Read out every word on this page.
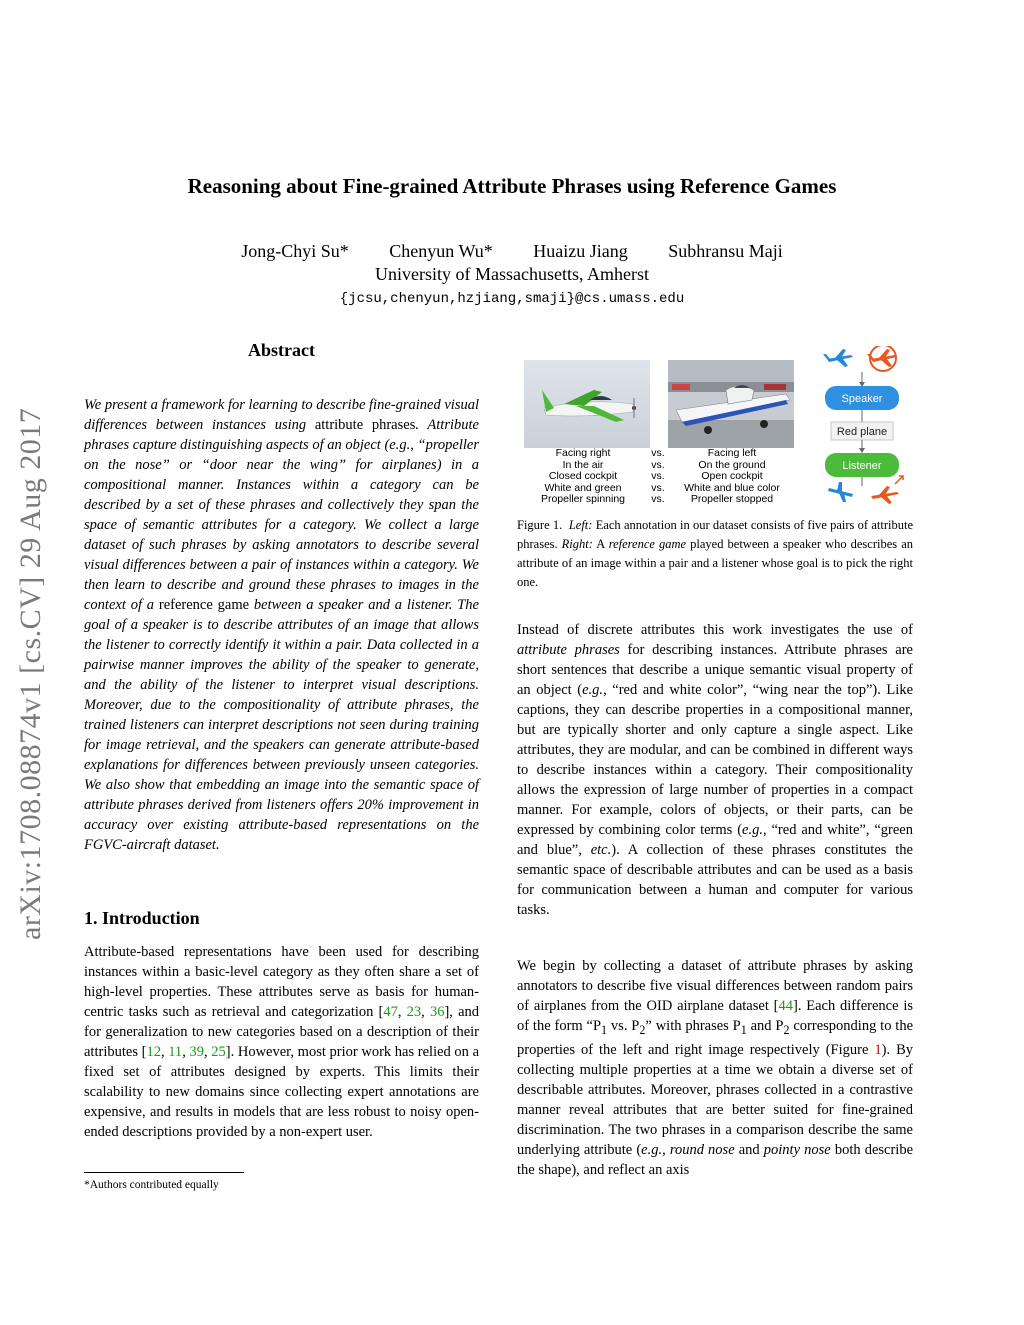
Reasoning about Fine-grained Attribute Phrases using Reference Games
Jong-Chyi Su* Chenyun Wu* Huaizu Jiang Subhransu Maji
University of Massachusetts, Amherst
{jcsu,chenyun,hzjiang,smaji}@cs.umass.edu
arXiv:1708.08874v1 [cs.CV] 29 Aug 2017
Abstract
We present a framework for learning to describe fine-grained visual differences between instances using attribute phrases. Attribute phrases capture distinguishing aspects of an object (e.g., “propeller on the nose” or “door near the wing” for airplanes) in a compositional manner. Instances within a category can be described by a set of these phrases and collectively they span the space of semantic attributes for a category. We collect a large dataset of such phrases by asking annotators to describe several visual differences between a pair of instances within a category. We then learn to describe and ground these phrases to images in the context of a reference game between a speaker and a listener. The goal of a speaker is to describe attributes of an image that allows the listener to correctly identify it within a pair. Data collected in a pairwise manner improves the ability of the speaker to generate, and the ability of the listener to interpret visual descriptions. Moreover, due to the compositionality of attribute phrases, the trained listeners can interpret descriptions not seen during training for image retrieval, and the speakers can generate attribute-based explanations for differences between previously unseen categories. We also show that embedding an image into the semantic space of attribute phrases derived from listeners offers 20% improvement in accuracy over existing attribute-based representations on the FGVC-aircraft dataset.
1. Introduction
Attribute-based representations have been used for describing instances within a basic-level category as they often share a set of high-level properties. These attributes serve as basis for human-centric tasks such as retrieval and categorization [47, 23, 36], and for generalization to new categories based on a description of their attributes [12, 11, 39, 25]. However, most prior work has relied on a fixed set of attributes designed by experts. This limits their scalability to new domains since collecting expert annotations are expensive, and results in models that are less robust to noisy open-ended descriptions provided by a non-expert user.
*Authors contributed equally
Facing right
In the air
Closed cockpit
White and green
Propeller spinning
vs.
vs.
vs.
vs.
vs.
Facing left
On the ground
Open cockpit
White and blue color
Propeller stopped
Speaker
Red plane
Listener
Figure 1. Left: Each annotation in our dataset consists of five pairs of attribute phrases. Right: A reference game played between a speaker who describes an attribute of an image within a pair and a listener whose goal is to pick the right one.
Instead of discrete attributes this work investigates the use of attribute phrases for describing instances. Attribute phrases are short sentences that describe a unique semantic visual property of an object (e.g., “red and white color”, “wing near the top”). Like captions, they can describe properties in a compositional manner, but are typically shorter and only capture a single aspect. Like attributes, they are modular, and can be combined in different ways to describe instances within a category. Their compositionality allows the expression of large number of properties in a compact manner. For example, colors of objects, or their parts, can be expressed by combining color terms (e.g., “red and white”, “green and blue”, etc.). A collection of these phrases constitutes the semantic space of describable attributes and can be used as a basis for communication between a human and computer for various tasks.
We begin by collecting a dataset of attribute phrases by asking annotators to describe five visual differences between random pairs of airplanes from the OID airplane dataset [44]. Each difference is of the form “$P_1$ vs. $P_2$” with phrases $P_1$ and $P_2$ corresponding to the properties of the left and right image respectively (Figure 1). By collecting multiple properties at a time we obtain a diverse set of describable attributes. Moreover, phrases collected in a contrastive manner reveal attributes that are better suited for fine-grained discrimination. The two phrases in a comparison describe the same underlying attribute (e.g., round nose and pointy nose both describe the shape), and reflect an axis
